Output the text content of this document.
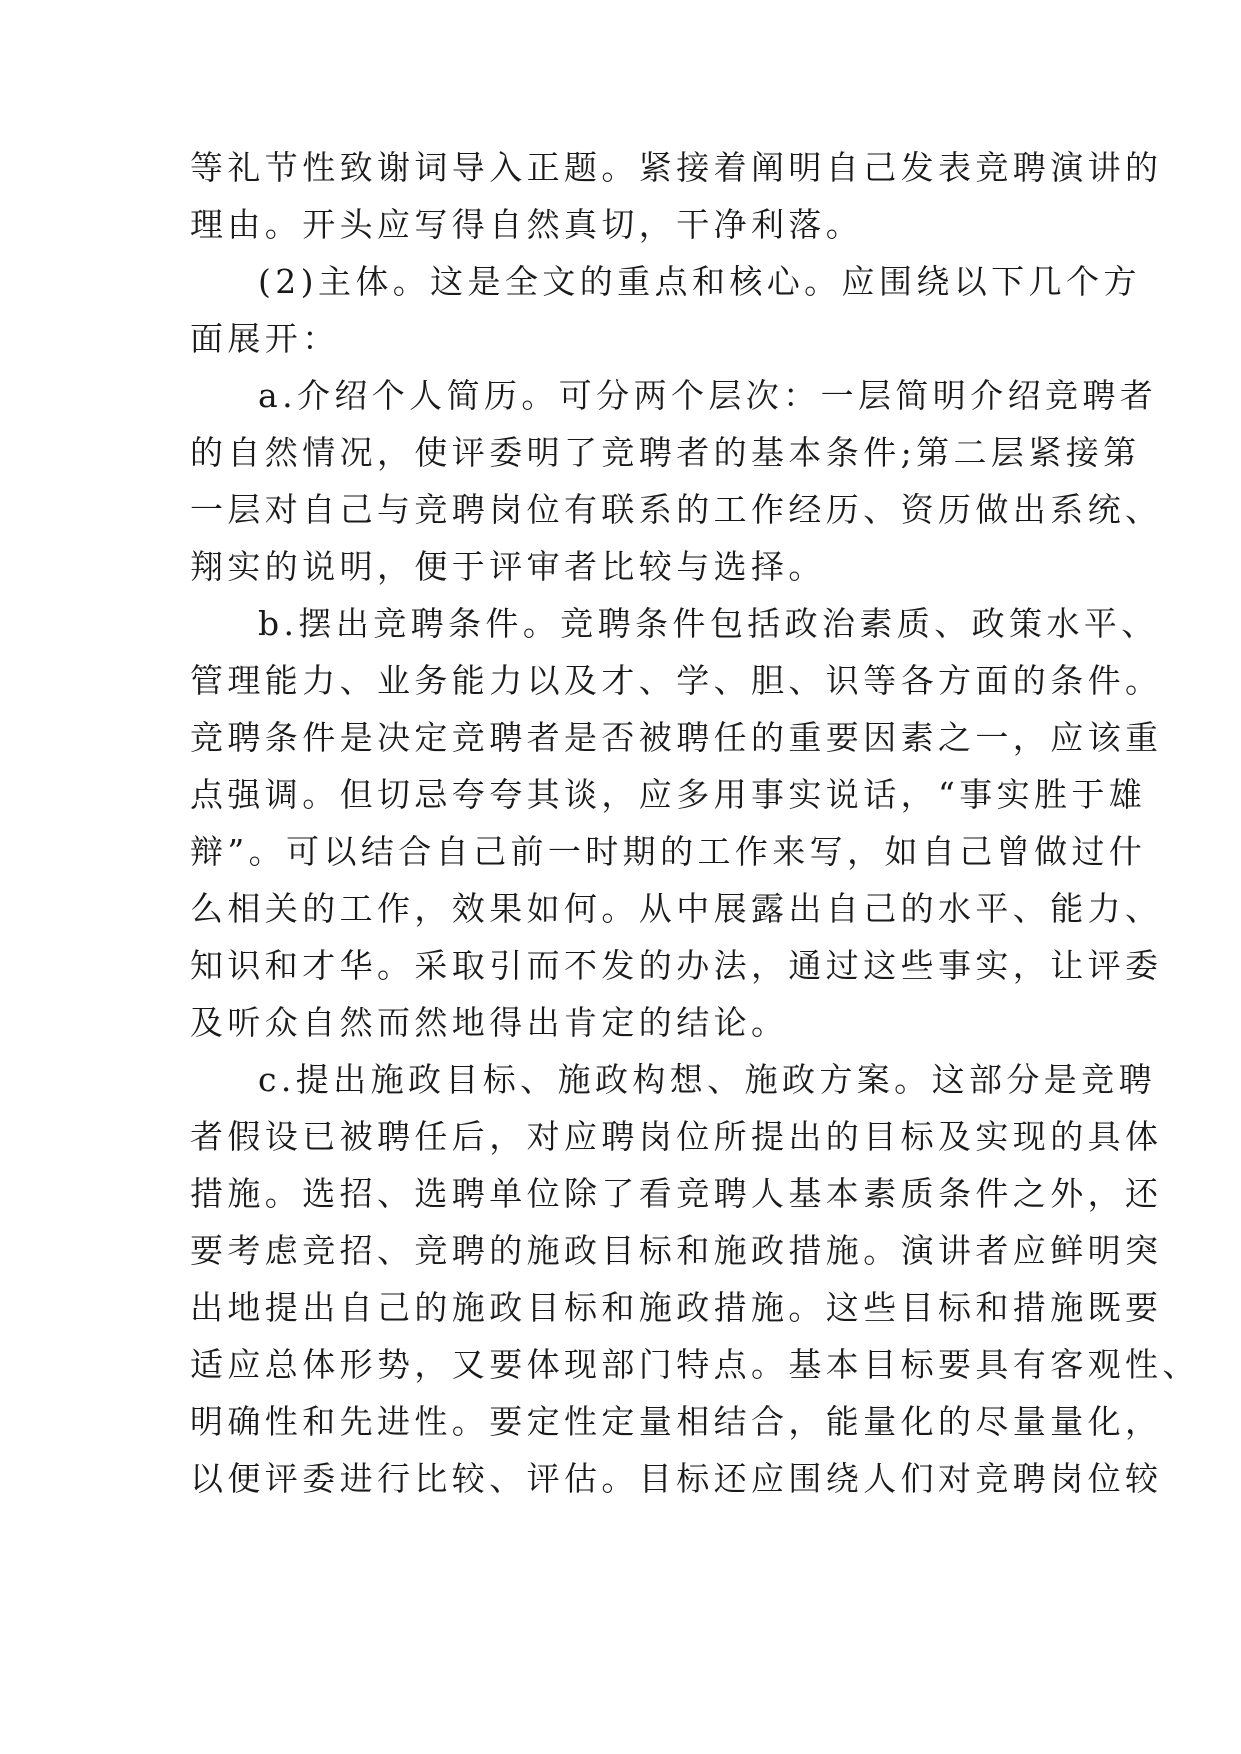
等礼节性致谢词导入正题。紧接着阐明自己发表竞聘演讲的
理由。开头应写得自然真切，干净利落。
(2)主体。这是全文的重点和核心。应围绕以下几个方
面展开：
a.介绍个人简历。可分两个层次：一层简明介绍竞聘者
的自然情况，使评委明了竞聘者的基本条件;第二层紧接第
一层对自己与竞聘岗位有联系的工作经历、资历做出系统、
翔实的说明，便于评审者比较与选择。
b.摆出竞聘条件。竞聘条件包括政治素质、政策水平、
管理能力、业务能力以及才、学、胆、识等各方面的条件。
竞聘条件是决定竞聘者是否被聘任的重要因素之一，应该重
点强调。但切忌夸夸其谈，应多用事实说话，“事实胜于雄
辩”。可以结合自己前一时期的工作来写，如自己曾做过什
么相关的工作，效果如何。从中展露出自己的水平、能力、
知识和才华。采取引而不发的办法，通过这些事实，让评委
及听众自然而然地得出肯定的结论。
c.提出施政目标、施政构想、施政方案。这部分是竞聘
者假设已被聘任后，对应聘岗位所提出的目标及实现的具体
措施。选招、选聘单位除了看竞聘人基本素质条件之外，还
要考虑竞招、竞聘的施政目标和施政措施。演讲者应鲜明突
出地提出自己的施政目标和施政措施。这些目标和措施既要
适应总体形势，又要体现部门特点。基本目标要具有客观性、
明确性和先进性。要定性定量相结合，能量化的尽量量化，
以便评委进行比较、评估。目标还应围绕人们对竞聘岗位较
